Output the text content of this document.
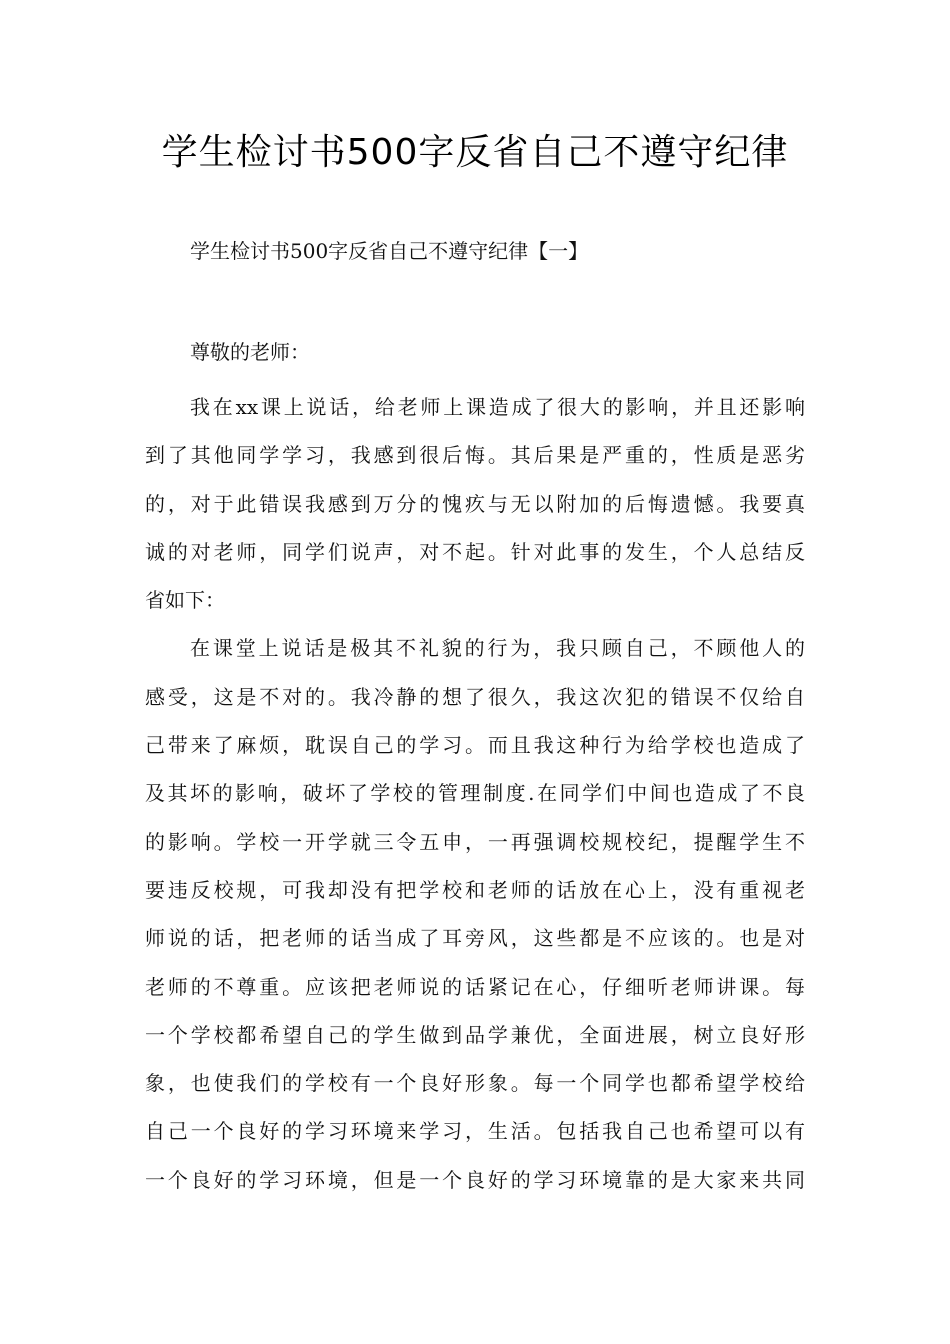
学生检讨书500字反省自己不遵守纪律

学生检讨书500字反省自己不遵守纪律【一】

尊敬的老师：

我在xx课上说话，给老师上课造成了很大的影响，并且还影响
到了其他同学学习，我感到很后悔。其后果是严重的，性质是恶劣
的，对于此错误我感到万分的愧疚与无以附加的后悔遗憾。我要真
诚的对老师，同学们说声，对不起。针对此事的发生，个人总结反
省如下：

在课堂上说话是极其不礼貌的行为，我只顾自己，不顾他人的
感受，这是不对的。我冷静的想了很久，我这次犯的错误不仅给自
己带来了麻烦，耽误自己的学习。而且我这种行为给学校也造成了
及其坏的影响，破坏了学校的管理制度.在同学们中间也造成了不良
的影响。学校一开学就三令五申，一再强调校规校纪，提醒学生不
要违反校规，可我却没有把学校和老师的话放在心上，没有重视老
师说的话，把老师的话当成了耳旁风，这些都是不应该的。也是对
老师的不尊重。应该把老师说的话紧记在心，仔细听老师讲课。每
一个学校都希望自己的学生做到品学兼优，全面进展，树立良好形
象，也使我们的学校有一个良好形象。每一个同学也都希望学校给
自己一个良好的学习环境来学习，生活。包括我自己也希望可以有
一个良好的学习环境，但是一个良好的学习环境靠的是大家来共同
